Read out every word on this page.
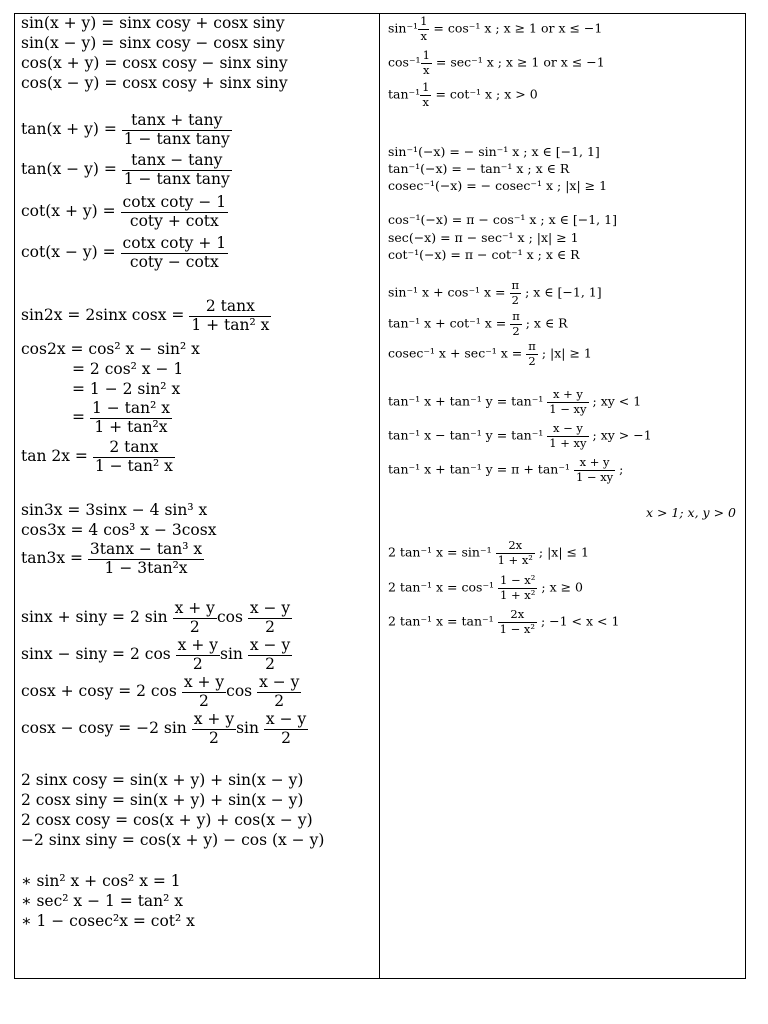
sin(x + y) = sinx cosy + cosx siny
sin(x − y) = sinx cosy − cosx siny
cos(x + y) = cosx cosy − sinx siny
cos(x − y) = cosx cosy + sinx siny
$\tan(x + y) = \frac{\tan x + \tan y}{\text{1 − tanx tany}}$
$\tan(x - y) = \frac{\tan x - \tan y}{\text{1 − tanx tany}}$
$\cot(x + y) = \frac{\text{cotx coty − 1}}{\cot y + \cot x}$
$\cot(x - y) = \frac{\text{cotx coty + 1}}{\cot y - \cot x}$
sin2x = 2sinx $\cos x = \frac{2 \tan x}{\text{1 + tan² x}}$
cos2x = cos² x − sin² x
= 2 cos² x − 1
= 1 − 2 sin² x
= $\frac{\text{1 − tan² x}}{\text{1 + tan²x}}$
$\tan 2x = \frac{2 \tan x}{\text{1 − tan² x}}$
sin3x = 3sinx − 4 sin³ x
cos3x = 4 cos³ x − 3cosx
$\tan 3x = \frac{\text{3tanx − tan³ x}}{\text{1 − 3tan²x}}$
sinx + siny = 2 $\sin \frac{x + y}{2}$ $\cos \frac{x - y}{2}$
sinx − siny = 2 $\cos \frac{x + y}{2}$ $\sin \frac{x - y}{2}$
cosx + cosy = 2 $\cos \frac{x + y}{2}$ $\cos \frac{x - y}{2}$
cosx − cosy = −2 $\sin \frac{x + y}{2}$ $\sin \frac{x - y}{2}$
2 sinx cosy = sin(x + y) + sin(x − y)
2 cosx siny = sin(x + y) + sin(x − y)
2 cosx cosy = cos(x + y) + cos(x − y)
−2 sinx siny = cos(x + y) − cos (x − y)
∗ sin² x + cos² x = 1
∗ sec² x − 1 = tan² x
∗ 1 − cosec²x = cot² x
$\sin^{-1} \frac{1}{x} = \cos^{-1}$ x ; x ≥ 1 or x ≤ −1
$\cos^{-1} \frac{1}{x} = \sec^{-1}$ x ; x ≥ 1 or x ≤ −1
$\tan^{-1} \frac{1}{x} = \cot^{-1}$ x ; x > 0
sin⁻¹(−x) = − sin⁻¹ x ; x ∈ [−1, 1]
tan⁻¹(−x) = − tan⁻¹ x ; x ∈ R
cosec⁻¹(−x) = − cosec⁻¹ x ; |x| ≥ 1
cos⁻¹(−x) = π − cos⁻¹ x ; x ∈ [−1, 1]
sec(−x) = π − sec⁻¹ x ; |x| ≥ 1
cot⁻¹(−x) = π − cot⁻¹ x ; x ∈ R
sin⁻¹ x + cos⁻¹ $x = \frac{\pi}{2}$ ; x ∈ [−1, 1]
tan⁻¹ x + cot⁻¹ $x = \frac{\pi}{2}$ ; x ∈ R
cosec⁻¹ x + sec⁻¹ $x = \frac{\pi}{2}$ ; |x| ≥ 1
tan⁻¹ x + tan⁻¹ $y = \tan^{-1} \frac{x + y}{1 - xy}$ ; xy < 1
tan⁻¹ x − tan⁻¹ $y = \tan^{-1} \frac{x - y}{1 + xy}$ ; xy > −1
tan⁻¹ x + tan⁻¹ $y = \pi + \tan^{-1} \frac{x + y}{1 - xy}$ ;
x > 1; x, y > 0
2 tan⁻¹ $x = \sin^{-1} \frac{2x}{\text{1 + x²}}$ ; |x| ≤ 1
2 tan⁻¹ $x = \cos^{-1} \frac{\text{1 − x²}}{\text{1 + x²}}$ ; x ≥ 0
2 tan⁻¹ $x = \tan^{-1} \frac{2x}{\text{1 − x²}}$ ; −1 < x < 1
